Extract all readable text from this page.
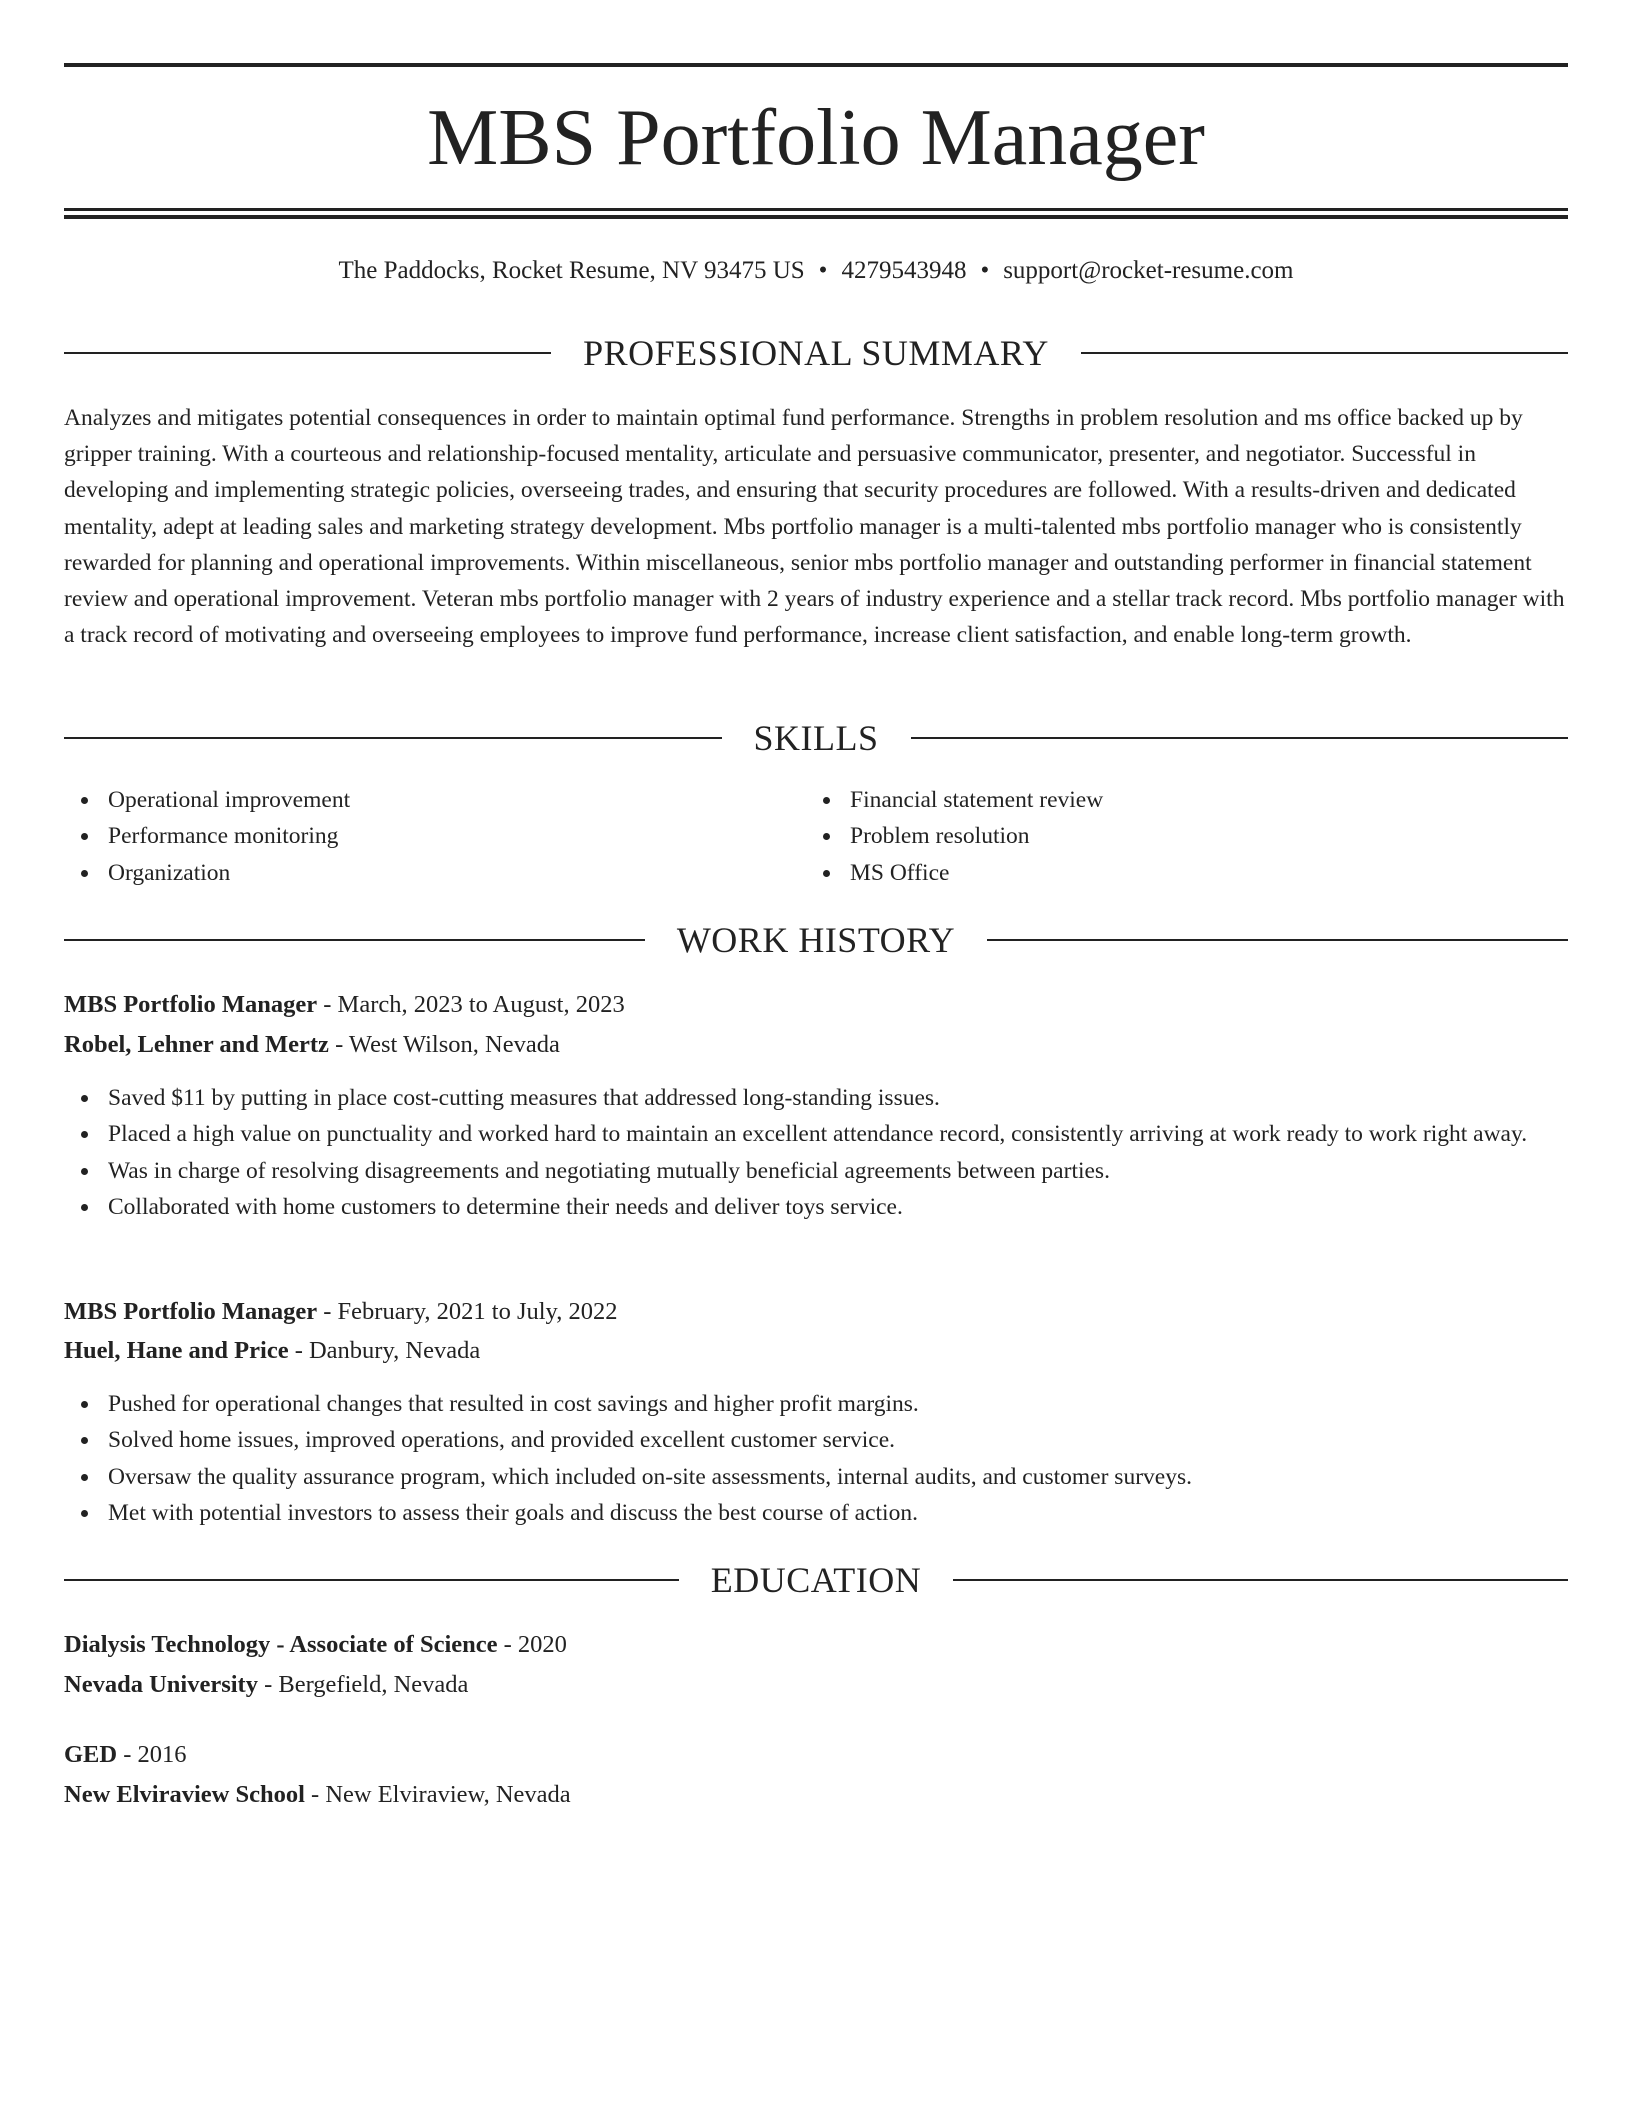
MBS Portfolio Manager
The Paddocks, Rocket Resume, NV 93475 US • 4279543948 • support@rocket-resume.com
PROFESSIONAL SUMMARY

Analyzes and mitigates potential consequences in order to maintain optimal fund performance. Strengths in problem resolution and ms office backed up by gripper training. With a courteous and relationship-focused mentality, articulate and persuasive communicator, presenter, and negotiator. Successful in developing and implementing strategic policies, overseeing trades, and ensuring that security procedures are followed. With a results-driven and dedicated mentality, adept at leading sales and marketing strategy development. Mbs portfolio manager is a multi-talented mbs portfolio manager who is consistently rewarded for planning and operational improvements. Within miscellaneous, senior mbs portfolio manager and outstanding performer in financial statement review and operational improvement. Veteran mbs portfolio manager with 2 years of industry experience and a stellar track record. Mbs portfolio manager with a track record of motivating and overseeing employees to improve fund performance, increase client satisfaction, and enable long-term growth.

SKILLS
Operational improvement
Performance monitoring
Organization
Financial statement review
Problem resolution
MS Office
WORK HISTORY
MBS Portfolio Manager - March, 2023 to August, 2023
Robel, Lehner and Mertz - West Wilson, Nevada
Saved $11 by putting in place cost-cutting measures that addressed long-standing issues.
Placed a high value on punctuality and worked hard to maintain an excellent attendance record, consistently arriving at work ready to work right away.
Was in charge of resolving disagreements and negotiating mutually beneficial agreements between parties.
Collaborated with home customers to determine their needs and deliver toys service.
MBS Portfolio Manager - February, 2021 to July, 2022
Huel, Hane and Price - Danbury, Nevada
Pushed for operational changes that resulted in cost savings and higher profit margins.
Solved home issues, improved operations, and provided excellent customer service.
Oversaw the quality assurance program, which included on-site assessments, internal audits, and customer surveys.
Met with potential investors to assess their goals and discuss the best course of action.
EDUCATION
Dialysis Technology - Associate of Science - 2020
Nevada University - Bergefield, Nevada
GED - 2016
New Elviraview School - New Elviraview, Nevada
